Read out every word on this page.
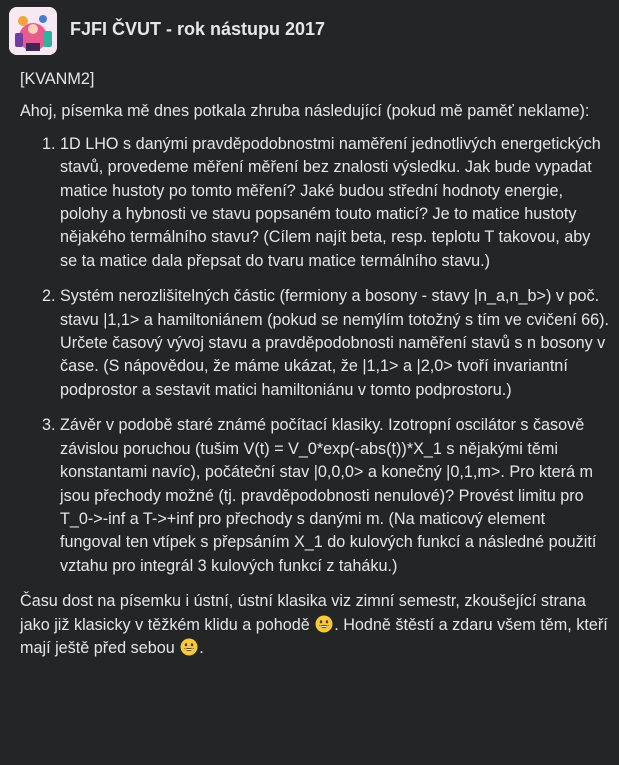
FJFI ČVUT - rok nástupu 2017

[KVANM2]

Ahoj, písemka mě dnes potkala zhruba následující (pokud mě paměť neklame):

1. 1D LHO s danými pravděpodobnostmi naměření jednotlivých energetických stavů, provedeme měření měření bez znalosti výsledku. Jak bude vypadat matice hustoty po tomto měření? Jaké budou střední hodnoty energie, polohy a hybnosti ve stavu popsaném touto maticí? Je to matice hustoty nějakého termálního stavu? (Cílem najít beta, resp. teplotu T takovou, aby se ta matice dala přepsat do tvaru matice termálního stavu.)
2. Systém nerozlišitelných částic (fermiony a bosony - stavy |n_a,n_b>) v poč. stavu |1,1> a hamiltoniánem (pokud se nemýlím totožný s tím ve cvičení 66). Určete časový vývoj stavu a pravděpodobnosti naměření stavů s n bosony v čase. (S nápovědou, že máme ukázat, že |1,1> a |2,0> tvoří invariantní podprostor a sestavit matici hamiltoniánu v tomto podprostoru.)
3. Závěr v podobě staré známé počítací klasiky. Izotropní oscilátor s časově závislou poruchou (tušim V(t) = V_0*exp(-abs(t))*X_1 s nějakými těmi konstantami navíc), počáteční stav |0,0,0> a konečný |0,1,m>. Pro která m jsou přechody možné (tj. pravděpodobnosti nenulové)? Provést limitu pro T_0->-inf a T->+inf pro přechody s danými m. (Na maticový element fungoval ten vtípek s přepsáním X_1 do kulových funkcí a následné použití vztahu pro integrál 3 kulových funkcí z taháku.)

Času dost na písemku i ústní, ústní klasika viz zimní semestr, zkoušející strana jako již klasicky v těžkém klidu a pohodě . Hodně štěstí a zdaru všem těm, kteří mají ještě před sebou .
